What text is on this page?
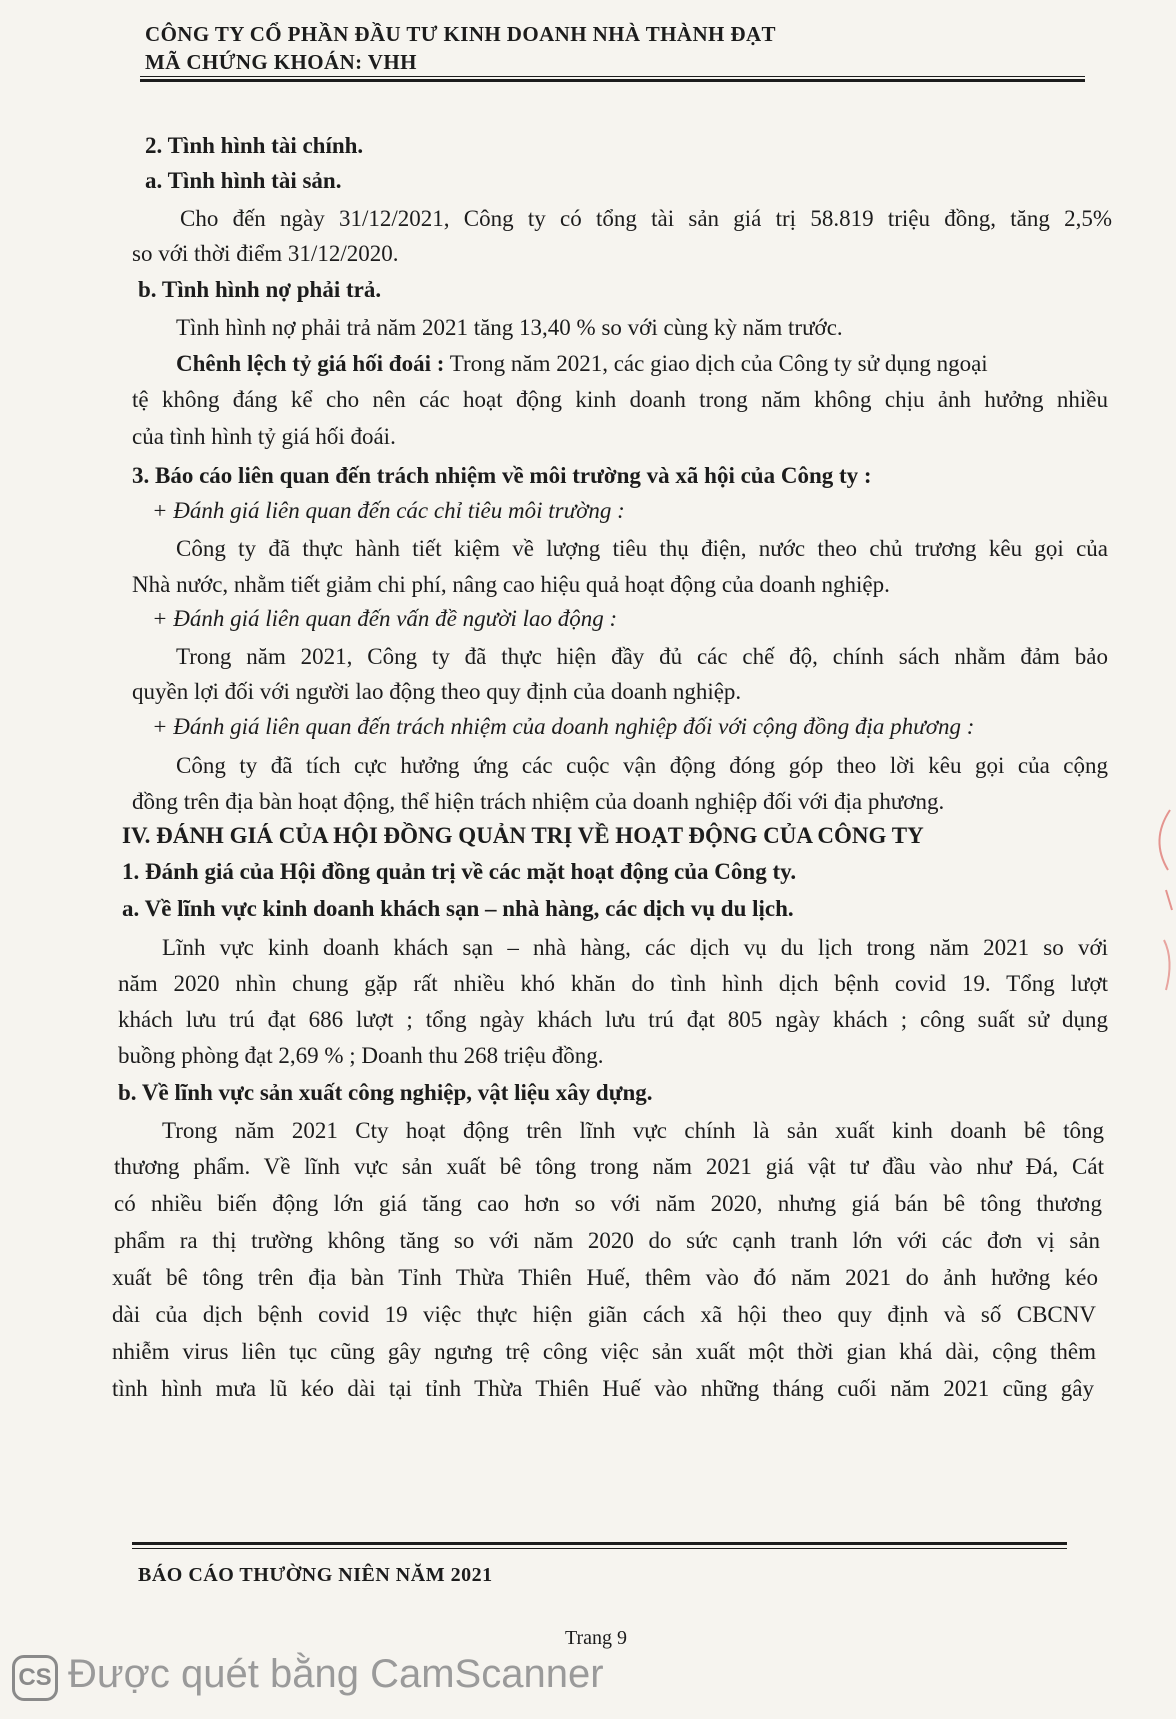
CÔNG TY CỔ PHẦN ĐẦU TƯ KINH DOANH NHÀ THÀNH ĐẠT
MÃ CHỨNG KHOÁN: VHH
2. Tình hình tài chính.
a. Tình hình tài sản.
Cho đến ngày 31/12/2021, Công ty có tổng tài sản giá trị 58.819 triệu đồng, tăng 2,5%
so với thời điểm 31/12/2020.
b. Tình hình nợ phải trả.
Tình hình nợ phải trả năm 2021 tăng 13,40 % so với cùng kỳ năm trước.
Chênh lệch tỷ giá hối đoái : Trong năm 2021, các giao dịch của Công ty sử dụng ngoại
tệ không đáng kể cho nên các hoạt động kinh doanh trong năm không chịu ảnh hưởng nhiều
của tình hình tỷ giá hối đoái.
3. Báo cáo liên quan đến trách nhiệm về môi trường và xã hội của Công ty :
+ Đánh giá liên quan đến các chỉ tiêu môi trường :
Công ty đã thực hành tiết kiệm về lượng tiêu thụ điện, nước theo chủ trương kêu gọi của
Nhà nước, nhằm tiết giảm chi phí, nâng cao hiệu quả hoạt động của doanh nghiệp.
+ Đánh giá liên quan đến vấn đề người lao động :
Trong năm 2021, Công ty đã thực hiện đầy đủ các chế độ, chính sách nhằm đảm bảo
quyền lợi đối với người lao động theo quy định của doanh nghiệp.
+ Đánh giá liên quan đến trách nhiệm của doanh nghiệp đối với cộng đồng địa phương :
Công ty đã tích cực hưởng ứng các cuộc vận động đóng góp theo lời kêu gọi của cộng
đồng trên địa bàn hoạt động, thể hiện trách nhiệm của doanh nghiệp đối với địa phương.
IV. ĐÁNH GIÁ CỦA HỘI ĐỒNG QUẢN TRỊ VỀ HOẠT ĐỘNG CỦA CÔNG TY
1. Đánh giá của Hội đồng quản trị về các mặt hoạt động của Công ty.
a. Về lĩnh vực kinh doanh khách sạn – nhà hàng, các dịch vụ du lịch.
Lĩnh vực kinh doanh khách sạn – nhà hàng, các dịch vụ du lịch trong năm 2021 so với
năm 2020 nhìn chung gặp rất nhiều khó khăn do tình hình dịch bệnh covid 19. Tổng lượt
khách lưu trú đạt 686 lượt ; tổng ngày khách lưu trú đạt 805 ngày khách ; công suất sử dụng
buồng phòng đạt 2,69 % ; Doanh thu 268 triệu đồng.
b. Về lĩnh vực sản xuất công nghiệp, vật liệu xây dựng.
Trong năm 2021 Cty hoạt động trên lĩnh vực chính là sản xuất kinh doanh bê tông
thương phẩm. Về lĩnh vực sản xuất bê tông trong năm 2021 giá vật tư đầu vào như Đá, Cát
có nhiều biến động lớn giá tăng cao hơn so với năm 2020, nhưng giá bán bê tông thương
phẩm ra thị trường không tăng so với năm 2020 do sức cạnh tranh lớn với các đơn vị sản
xuất bê tông trên địa bàn Tỉnh Thừa Thiên Huế, thêm vào đó năm 2021 do ảnh hưởng kéo
dài của dịch bệnh covid 19 việc thực hiện giãn cách xã hội theo quy định và số CBCNV
nhiễm virus liên tục cũng gây ngưng trệ công việc sản xuất một thời gian khá dài, cộng thêm
tình hình mưa lũ kéo dài tại tỉnh Thừa Thiên Huế vào những tháng cuối năm 2021 cũng gây
BÁO CÁO THƯỜNG NIÊN NĂM 2021
Trang 9
CS Được quét bằng CamScanner
